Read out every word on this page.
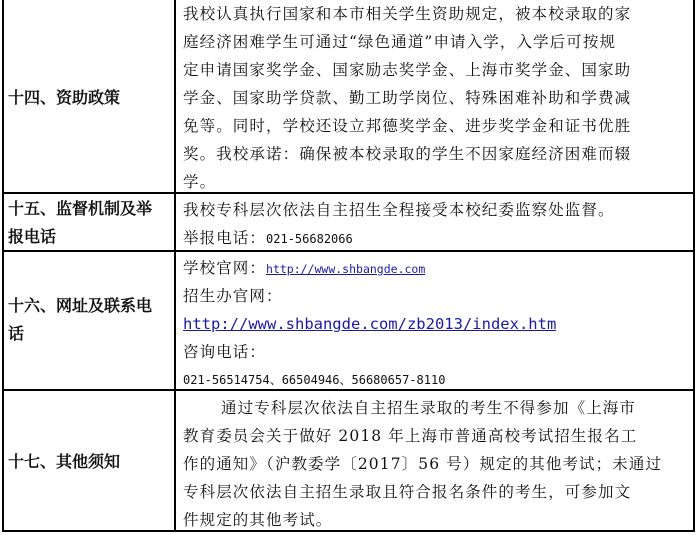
十四、资助政策
我校认真执行国家和本市相关学生资助规定，被本校录取的家
庭经济困难学生可通过“绿色通道”申请入学，入学后可按规
定申请国家奖学金、国家励志奖学金、上海市奖学金、国家助
学金、国家助学贷款、勤工助学岗位、特殊困难补助和学费减
免等。同时，学校还设立邦德奖学金、进步奖学金和证书优胜
奖。我校承诺：确保被本校录取的学生不因家庭经济困难而辍
学。
十五、监督机制及举
报电话
我校专科层次依法自主招生全程接受本校纪委监察处监督。
举报电话：021-56682066
十六、网址及联系电
话
学校官网：http://www.shbangde.com
招生办官网：
http://www.shbangde.com/zb2013/index.htm
咨询电话：
021-56514754、66504946、56680657-8110
十七、其他须知
通过专科层次依法自主招生录取的考生不得参加《上海市
教育委员会关于做好 2018 年上海市普通高校考试招生报名工
作的通知》（沪教委学〔2017〕56 号）规定的其他考试；未通过
专科层次依法自主招生录取且符合报名条件的考生，可参加文
件规定的其他考试。
